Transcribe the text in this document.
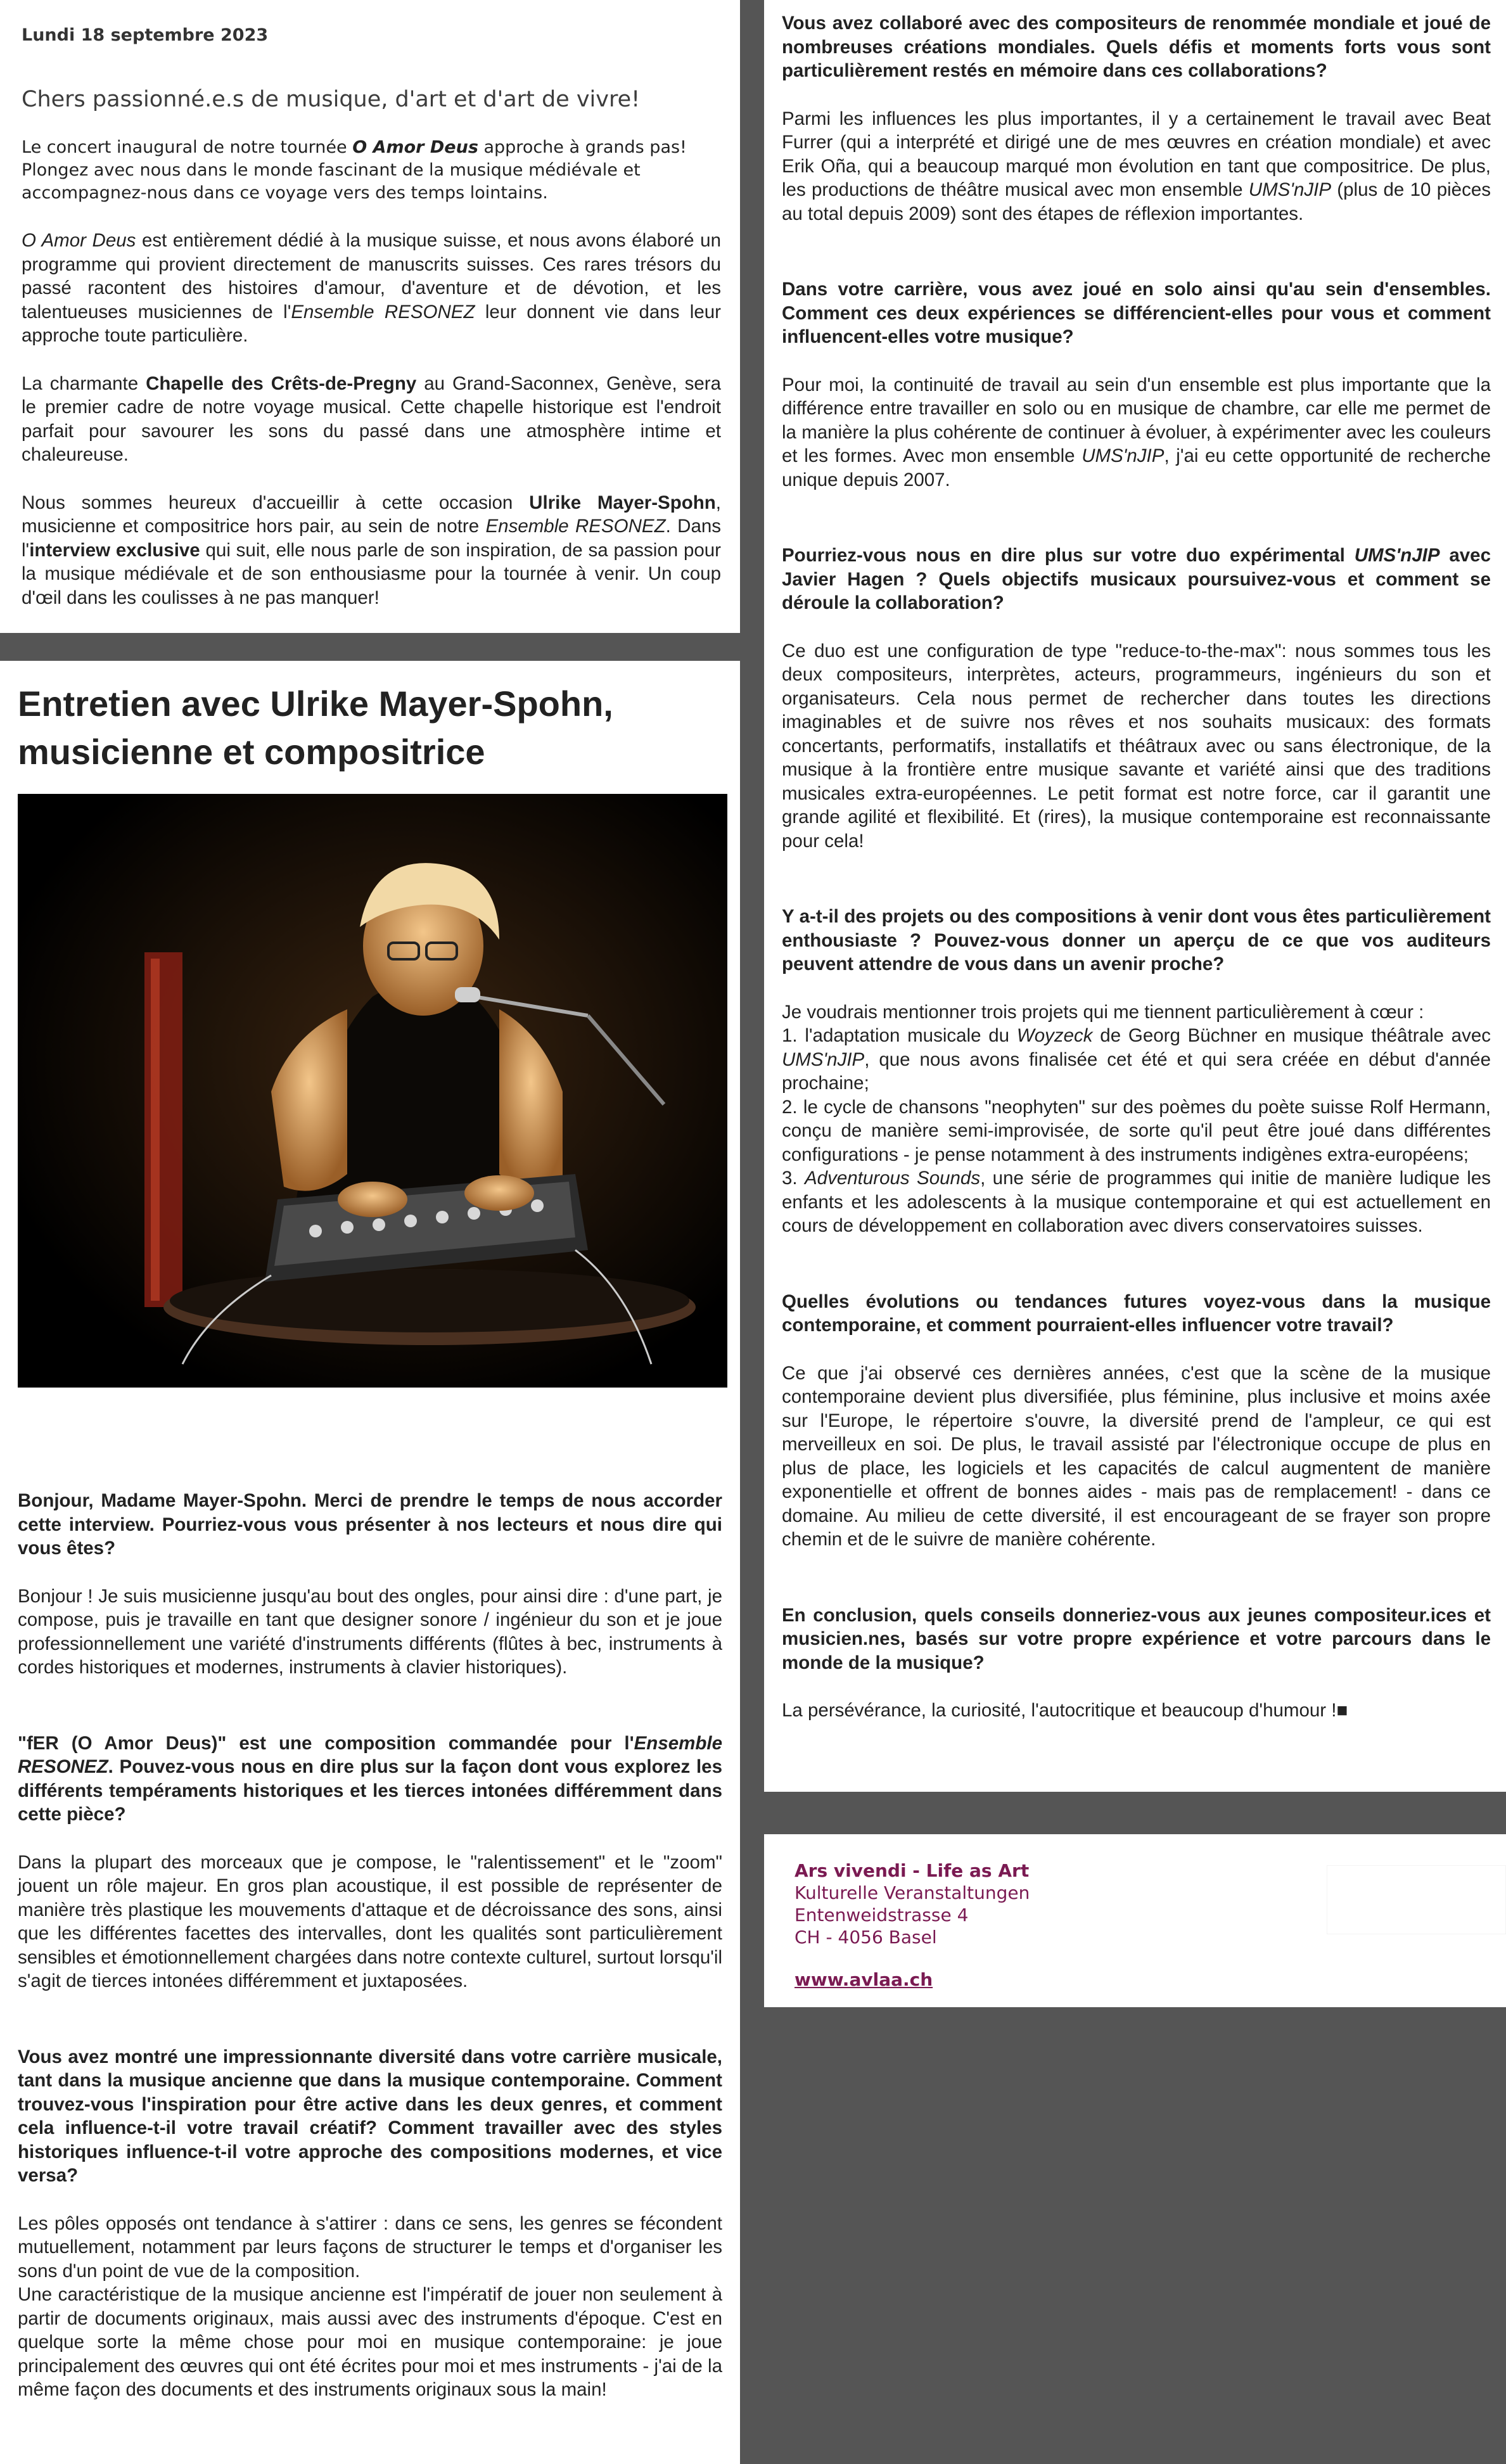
Lundi 18 septembre 2023
Chers passionné.e.s de musique, d'art et d'art de vivre!

Le concert inaugural de notre tournée O Amor Deus approche à grands pas! Plongez avec nous dans le monde fascinant de la musique médiévale et accompagnez-nous dans ce voyage vers des temps lointains.

O Amor Deus est entièrement dédié à la musique suisse, et nous avons élaboré un programme qui provient directement de manuscrits suisses. Ces rares trésors du passé racontent des histoires d'amour, d'aventure et de dévotion, et les talentueuses musiciennes de l'Ensemble RESONEZ leur donnent vie dans leur approche toute particulière.

La charmante Chapelle des Crêts-de-Pregny au Grand-Saconnex, Genève, sera le premier cadre de notre voyage musical. Cette chapelle historique est l'endroit parfait pour savourer les sons du passé dans une atmosphère intime et chaleureuse.

Nous sommes heureux d'accueillir à cette occasion Ulrike Mayer-Spohn, musicienne et compositrice hors pair, au sein de notre Ensemble RESONEZ. Dans l'interview exclusive qui suit, elle nous parle de son inspiration, de sa passion pour la musique médiévale et de son enthousiasme pour la tournée à venir. Un coup d'œil dans les coulisses à ne pas manquer!

Entretien avec Ulrike Mayer-Spohn, musicienne et compositrice

Bonjour, Madame Mayer-Spohn. Merci de prendre le temps de nous accorder cette interview. Pourriez-vous vous présenter à nos lecteurs et nous dire qui vous êtes?

Bonjour ! Je suis musicienne jusqu'au bout des ongles, pour ainsi dire : d'une part, je compose, puis je travaille en tant que designer sonore / ingénieur du son et je joue professionnellement une variété d'instruments différents (flûtes à bec, instruments à cordes historiques et modernes, instruments à clavier historiques).

"fER (O Amor Deus)" est une composition commandée pour l'Ensemble RESONEZ. Pouvez-vous nous en dire plus sur la façon dont vous explorez les différents tempéraments historiques et les tierces intonées différemment dans cette pièce?

Dans la plupart des morceaux que je compose, le "ralentissement" et le "zoom" jouent un rôle majeur. En gros plan acoustique, il est possible de représenter de manière très plastique les mouvements d'attaque et de décroissance des sons, ainsi que les différentes facettes des intervalles, dont les qualités sont particulièrement sensibles et émotionnellement chargées dans notre contexte culturel, surtout lorsqu'il s'agit de tierces intonées différemment et juxtaposées.

Vous avez montré une impressionnante diversité dans votre carrière musicale, tant dans la musique ancienne que dans la musique contemporaine. Comment trouvez-vous l'inspiration pour être active dans les deux genres, et comment cela influence-t-il votre travail créatif? Comment travailler avec des styles historiques influence-t-il votre approche des compositions modernes, et vice versa?

Les pôles opposés ont tendance à s'attirer : dans ce sens, les genres se fécondent mutuellement, notamment par leurs façons de structurer le temps et d'organiser les sons d'un point de vue de la composition.

Une caractéristique de la musique ancienne est l'impératif de jouer non seulement à partir de documents originaux, mais aussi avec des instruments d'époque. C'est en quelque sorte la même chose pour moi en musique contemporaine: je joue principalement des œuvres qui ont été écrites pour moi et mes instruments - j'ai de la même façon des documents et des instruments originaux sous la main!

Vous avez collaboré avec des compositeurs de renommée mondiale et joué de nombreuses créations mondiales. Quels défis et moments forts vous sont particulièrement restés en mémoire dans ces collaborations?

Parmi les influences les plus importantes, il y a certainement le travail avec Beat Furrer (qui a interprété et dirigé une de mes œuvres en création mondiale) et avec Erik Oña, qui a beaucoup marqué mon évolution en tant que compositrice. De plus, les productions de théâtre musical avec mon ensemble UMS'nJIP (plus de 10 pièces au total depuis 2009) sont des étapes de réflexion importantes.

Dans votre carrière, vous avez joué en solo ainsi qu'au sein d'ensembles. Comment ces deux expériences se différencient-elles pour vous et comment influencent-elles votre musique?

Pour moi, la continuité de travail au sein d'un ensemble est plus importante que la différence entre travailler en solo ou en musique de chambre, car elle me permet de la manière la plus cohérente de continuer à évoluer, à expérimenter avec les couleurs et les formes. Avec mon ensemble UMS'nJIP, j'ai eu cette opportunité de recherche unique depuis 2007.

Pourriez-vous nous en dire plus sur votre duo expérimental UMS'nJIP avec Javier Hagen ? Quels objectifs musicaux poursuivez-vous et comment se déroule la collaboration?

Ce duo est une configuration de type "reduce-to-the-max": nous sommes tous les deux compositeurs, interprètes, acteurs, programmeurs, ingénieurs du son et organisateurs. Cela nous permet de rechercher dans toutes les directions imaginables et de suivre nos rêves et nos souhaits musicaux: des formats concertants, performatifs, installatifs et théâtraux avec ou sans électronique, de la musique à la frontière entre musique savante et variété ainsi que des traditions musicales extra-européennes. Le petit format est notre force, car il garantit une grande agilité et flexibilité. Et (rires), la musique contemporaine est reconnaissante pour cela!

Y a-t-il des projets ou des compositions à venir dont vous êtes particulièrement enthousiaste ? Pouvez-vous donner un aperçu de ce que vos auditeurs peuvent attendre de vous dans un avenir proche?

Je voudrais mentionner trois projets qui me tiennent particulièrement à cœur :

1. l'adaptation musicale du Woyzeck de Georg Büchner en musique théâtrale avec UMS'nJIP, que nous avons finalisée cet été et qui sera créée en début d'année prochaine;

2. le cycle de chansons "neophyten" sur des poèmes du poète suisse Rolf Hermann, conçu de manière semi-improvisée, de sorte qu'il peut être joué dans différentes configurations - je pense notamment à des instruments indigènes extra-européens;

3. Adventurous Sounds, une série de programmes qui initie de manière ludique les enfants et les adolescents à la musique contemporaine et qui est actuellement en cours de développement en collaboration avec divers conservatoires suisses.

Quelles évolutions ou tendances futures voyez-vous dans la musique contemporaine, et comment pourraient-elles influencer votre travail?

Ce que j'ai observé ces dernières années, c'est que la scène de la musique contemporaine devient plus diversifiée, plus féminine, plus inclusive et moins axée sur l'Europe, le répertoire s'ouvre, la diversité prend de l'ampleur, ce qui est merveilleux en soi. De plus, le travail assisté par l'électronique occupe de plus en plus de place, les logiciels et les capacités de calcul augmentent de manière exponentielle et offrent de bonnes aides - mais pas de remplacement! - dans ce domaine. Au milieu de cette diversité, il est encourageant de se frayer son propre chemin et de le suivre de manière cohérente.

En conclusion, quels conseils donneriez-vous aux jeunes compositeur.ices et musicien.nes, basés sur votre propre expérience et votre parcours dans le monde de la musique?

La persévérance, la curiosité, l'autocritique et beaucoup d'humour !■

Ars vivendi - Life as Art
Kulturelle Veranstaltungen
Entenweidstrasse 4
CH - 4056 Basel
www.avlaa.ch
